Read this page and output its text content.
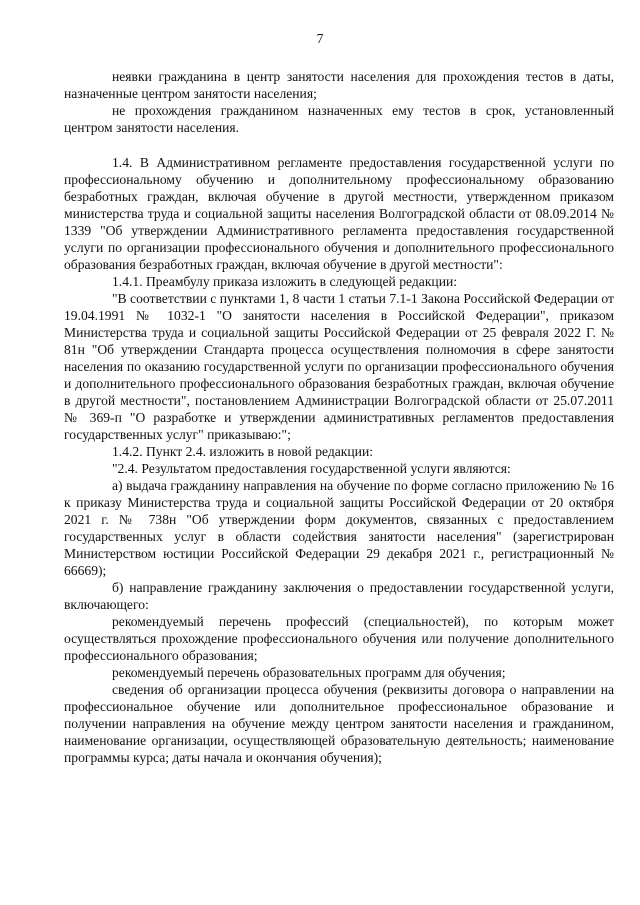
7

неявки гражданина в центр занятости населения для прохождения тестов в даты, назначенные центром занятости населения;

не прохождения гражданином назначенных ему тестов в срок, установленный центром занятости населения.

1.4. В Административном регламенте предоставления государственной услуги по профессиональному обучению и дополнительному профессиональному образованию безработных граждан, включая обучение в другой местности, утвержденном приказом министерства труда и социальной защиты населения Волгоградской области от 08.09.2014 № 1339 "Об утверждении Административного регламента предоставления государственной услуги по организации профессионального обучения и дополнительного профессионального образования безработных граждан, включая обучение в другой местности":

1.4.1. Преамбулу приказа изложить в следующей редакции:

"В соответствии с пунктами 1, 8 части 1 статьи 7.1-1 Закона Российской Федерации от 19.04.1991 № 1032-1 "О занятости населения в Российской Федерации", приказом Министерства труда и социальной защиты Российской Федерации от 25 февраля 2022 Г. № 81н "Об утверждении Стандарта процесса осуществления полномочия в сфере занятости населения по оказанию государственной услуги по организации профессионального обучения и дополнительного профессионального образования безработных граждан, включая обучение в другой местности", постановлением Администрации Волгоградской области от 25.07.2011 № 369-п "О разработке и утверждении административных регламентов предоставления государственных услуг" приказываю:";

1.4.2. Пункт 2.4. изложить в новой редакции:

"2.4. Результатом предоставления государственной услуги являются:

а) выдача гражданину направления на обучение по форме согласно приложению № 16 к приказу Министерства труда и социальной защиты Российской Федерации от 20 октября 2021 г. № 738н "Об утверждении форм документов, связанных с предоставлением государственных услуг в области содействия занятости населения" (зарегистрирован Министерством юстиции Российской Федерации 29 декабря 2021 г., регистрационный № 66669);

б) направление гражданину заключения о предоставлении государственной услуги, включающего:

рекомендуемый перечень профессий (специальностей), по которым может осуществляться прохождение профессионального обучения или получение дополнительного профессионального образования;

рекомендуемый перечень образовательных программ для обучения;

сведения об организации процесса обучения (реквизиты договора о направлении на профессиональное обучение или дополнительное профессиональное образование и получении направления на обучение между центром занятости населения и гражданином, наименование организации, осуществляющей образовательную деятельность; наименование программы курса; даты начала и окончания обучения);
